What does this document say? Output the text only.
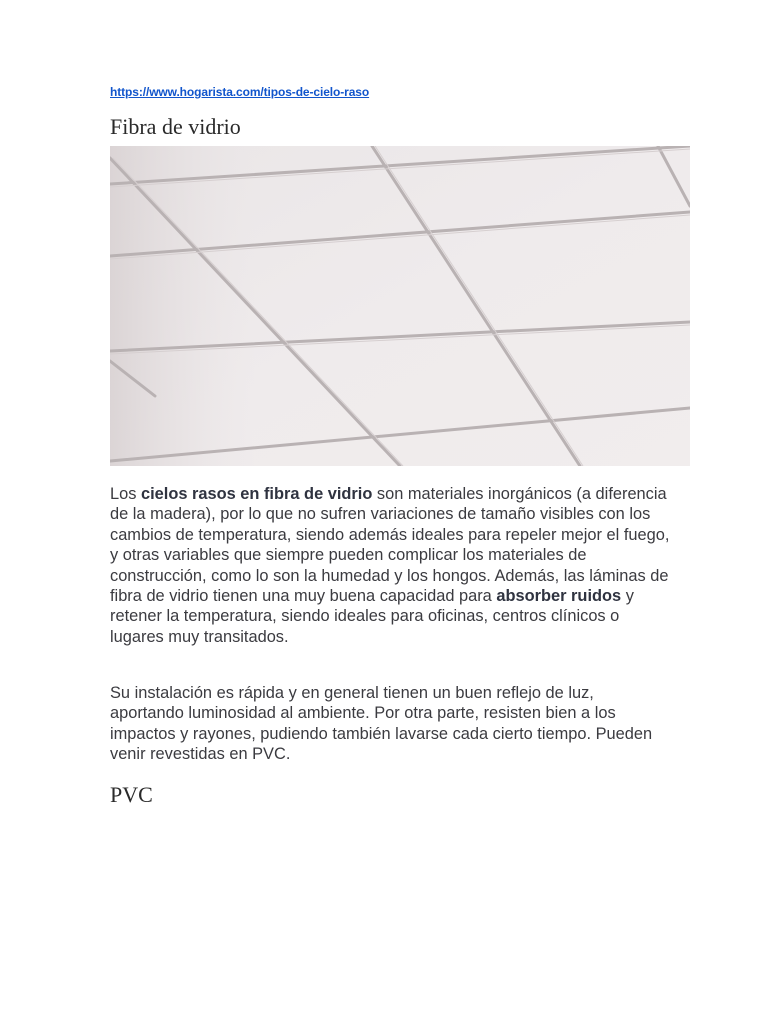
https://www.hogarista.com/tipos-de-cielo-raso
Fibra de vidrio

Los cielos rasos en fibra de vidrio son materiales inorgánicos (a diferencia de la madera), por lo que no sufren variaciones de tamaño visibles con los cambios de temperatura, siendo además ideales para repeler mejor el fuego, y otras variables que siempre pueden complicar los materiales de construcción, como lo son la humedad y los hongos. Además, las láminas de fibra de vidrio tienen una muy buena capacidad para absorber ruidos y retener la temperatura, siendo ideales para oficinas, centros clínicos o lugares muy transitados.

Su instalación es rápida y en general tienen un buen reflejo de luz, aportando luminosidad al ambiente. Por otra parte, resisten bien a los impactos y rayones, pudiendo también lavarse cada cierto tiempo. Pueden venir revestidas en PVC.

PVC
